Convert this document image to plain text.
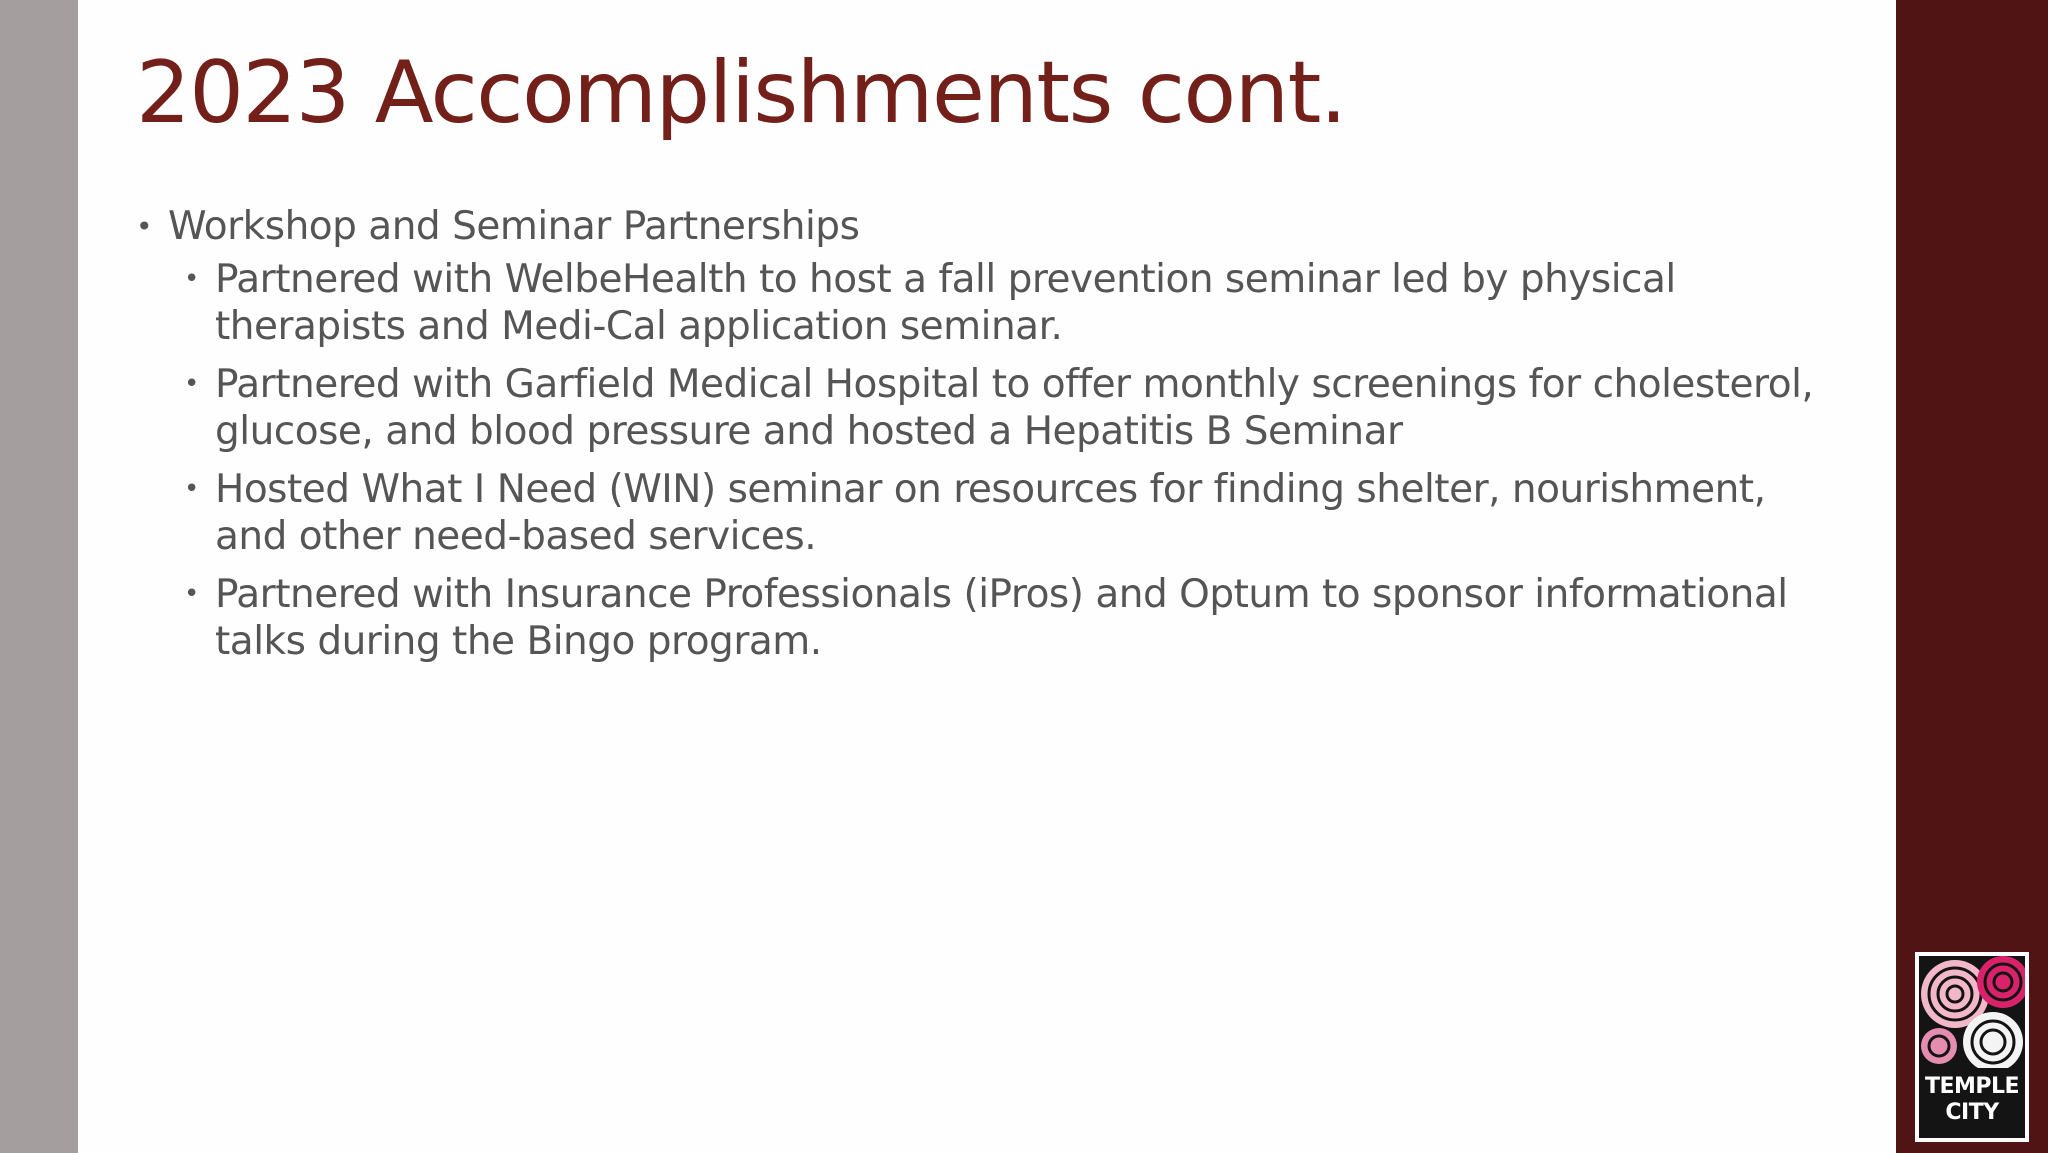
2023 Accomplishments cont.

• Workshop and Seminar Partnerships

• Partnered with WelbeHealth to host a fall prevention seminar led by physical therapists and Medi-Cal application seminar.
• Partnered with Garfield Medical Hospital to offer monthly screenings for cholesterol, glucose, and blood pressure and hosted a Hepatitis B Seminar
• Hosted What I Need (WIN) seminar on resources for finding shelter, nourishment, and other need-based services.
• Partnered with Insurance Professionals (iPros) and Optum to sponsor informational talks during the Bingo program.
TEMPLE
CITY
